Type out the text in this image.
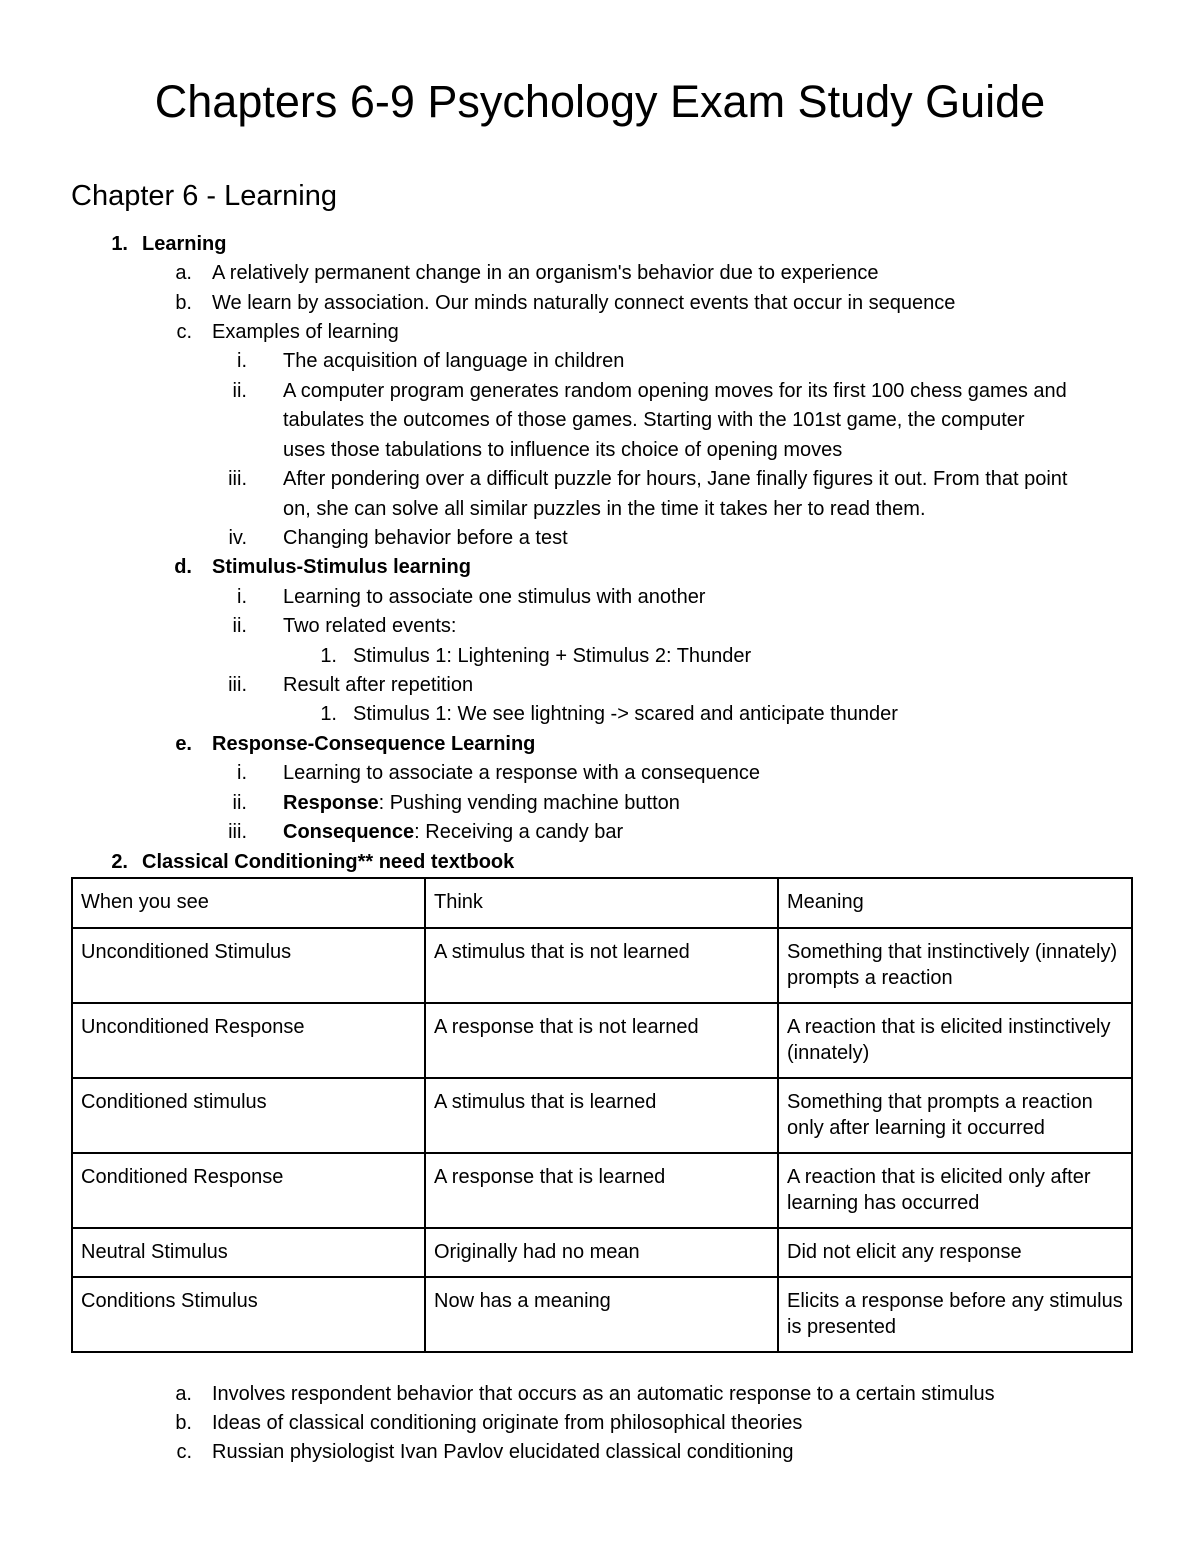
Chapters 6-9 Psychology Exam Study Guide
Chapter 6 - Learning
1. Learning
a. A relatively permanent change in an organism's behavior due to experience
b. We learn by association. Our minds naturally connect events that occur in sequence
c. Examples of learning
i. The acquisition of language in children
ii. A computer program generates random opening moves for its first 100 chess games and
tabulates the outcomes of those games. Starting with the 101st game, the computer
uses those tabulations to influence its choice of opening moves
iii. After pondering over a difficult puzzle for hours, Jane finally figures it out. From that point
on, she can solve all similar puzzles in the time it takes her to read them.
iv. Changing behavior before a test
d. Stimulus-Stimulus learning
i. Learning to associate one stimulus with another
ii. Two related events:
1. Stimulus 1: Lightening + Stimulus 2: Thunder
iii. Result after repetition
1. Stimulus 1: We see lightning -> scared and anticipate thunder
e. Response-Consequence Learning
i. Learning to associate a response with a consequence
ii. Response: Pushing vending machine button
iii. Consequence: Receiving a candy bar
2. Classical Conditioning** need textbook
When you see	Think	Meaning
Unconditioned Stimulus	A stimulus that is not learned	Something that instinctively (innately) prompts a reaction
Unconditioned Response	A response that is not learned	A reaction that is elicited instinctively (innately)
Conditioned stimulus	A stimulus that is learned	Something that prompts a reaction only after learning it occurred
Conditioned Response	A response that is learned	A reaction that is elicited only after learning has occurred
Neutral Stimulus	Originally had no mean	Did not elicit any response
Conditions Stimulus	Now has a meaning	Elicits a response before any stimulus is presented
a. Involves respondent behavior that occurs as an automatic response to a certain stimulus
b. Ideas of classical conditioning originate from philosophical theories
c. Russian physiologist Ivan Pavlov elucidated classical conditioning
